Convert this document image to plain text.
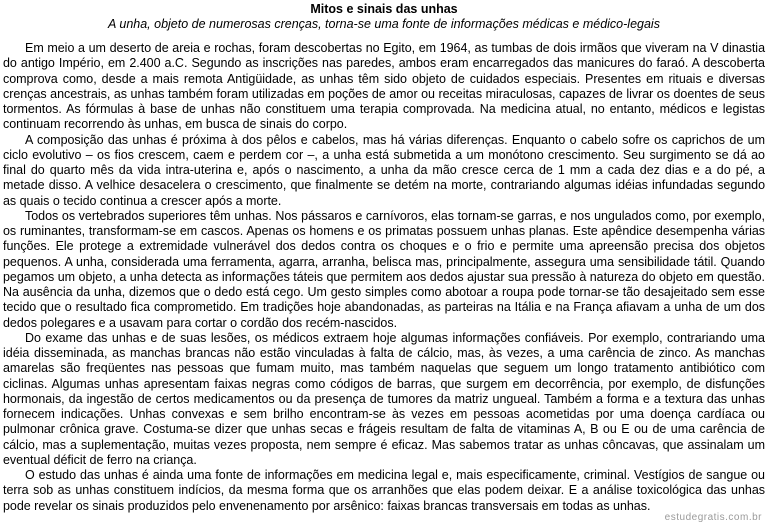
Mitos e sinais das unhas
A unha, objeto de numerosas crenças, torna-se uma fonte de informações médicas e médico-legais

Em meio a um deserto de areia e rochas, foram descobertas no Egito, em 1964, as tumbas de dois irmãos que viveram na V dinastia do antigo Império, em 2.400 a.C. Segundo as inscrições nas paredes, ambos eram encarregados das manicures do faraó. A descoberta comprova como, desde a mais remota Antigüidade, as unhas têm sido objeto de cuidados especiais. Presentes em rituais e diversas crenças ancestrais, as unhas também foram utilizadas em poções de amor ou receitas miraculosas, capazes de livrar os doentes de seus tormentos. As fórmulas à base de unhas não constituem uma terapia comprovada. Na medicina atual, no entanto, médicos e legistas continuam recorrendo às unhas, em busca de sinais do corpo.

A composição das unhas é próxima à dos pêlos e cabelos, mas há várias diferenças. Enquanto o cabelo sofre os caprichos de um ciclo evolutivo – os fios crescem, caem e perdem cor –, a unha está submetida a um monótono crescimento. Seu surgimento se dá ao final do quarto mês da vida intra-uterina e, após o nascimento, a unha da mão cresce cerca de 1 mm a cada dez dias e a do pé, a metade disso. A velhice desacelera o crescimento, que finalmente se detém na morte, contrariando algumas idéias infundadas segundo as quais o tecido continua a crescer após a morte.

Todos os vertebrados superiores têm unhas. Nos pássaros e carnívoros, elas tornam-se garras, e nos ungulados como, por exemplo, os ruminantes, transformam-se em cascos. Apenas os homens e os primatas possuem unhas planas. Este apêndice desempenha várias funções. Ele protege a extremidade vulnerável dos dedos contra os choques e o frio e permite uma apreensão precisa dos objetos pequenos. A unha, considerada uma ferramenta, agarra, arranha, belisca mas, principalmente, assegura uma sensibilidade tátil. Quando pegamos um objeto, a unha detecta as informações táteis que permitem aos dedos ajustar sua pressão à natureza do objeto em questão. Na ausência da unha, dizemos que o dedo está cego. Um gesto simples como abotoar a roupa pode tornar-se tão desajeitado sem esse tecido que o resultado fica comprometido. Em tradições hoje abandonadas, as parteiras na Itália e na França afiavam a unha de um dos dedos polegares e a usavam para cortar o cordão dos recém-nascidos.

Do exame das unhas e de suas lesões, os médicos extraem hoje algumas informações confiáveis. Por exemplo, contrariando uma idéia disseminada, as manchas brancas não estão vinculadas à falta de cálcio, mas, às vezes, a uma carência de zinco. As manchas amarelas são freqüentes nas pessoas que fumam muito, mas também naquelas que seguem um longo tratamento antibiótico com ciclinas. Algumas unhas apresentam faixas negras como códigos de barras, que surgem em decorrência, por exemplo, de disfunções hormonais, da ingestão de certos medicamentos ou da presença de tumores da matriz ungueal. Também a forma e a textura das unhas fornecem indicações. Unhas convexas e sem brilho encontram-se às vezes em pessoas acometidas por uma doença cardíaca ou pulmonar crônica grave. Costuma-se dizer que unhas secas e frágeis resultam de falta de vitaminas A, B ou E ou de uma carência de cálcio, mas a suplementação, muitas vezes proposta, nem sempre é eficaz. Mas sabemos tratar as unhas côncavas, que assinalam um eventual déficit de ferro na criança.

O estudo das unhas é ainda uma fonte de informações em medicina legal e, mais especificamente, criminal. Vestígios de sangue ou terra sob as unhas constituem indícios, da mesma forma que os arranhões que elas podem deixar. E a análise toxicológica das unhas pode revelar os sinais produzidos pelo envenenamento por arsênico: faixas brancas transversais em todas as unhas.

estudegratis.com.br
